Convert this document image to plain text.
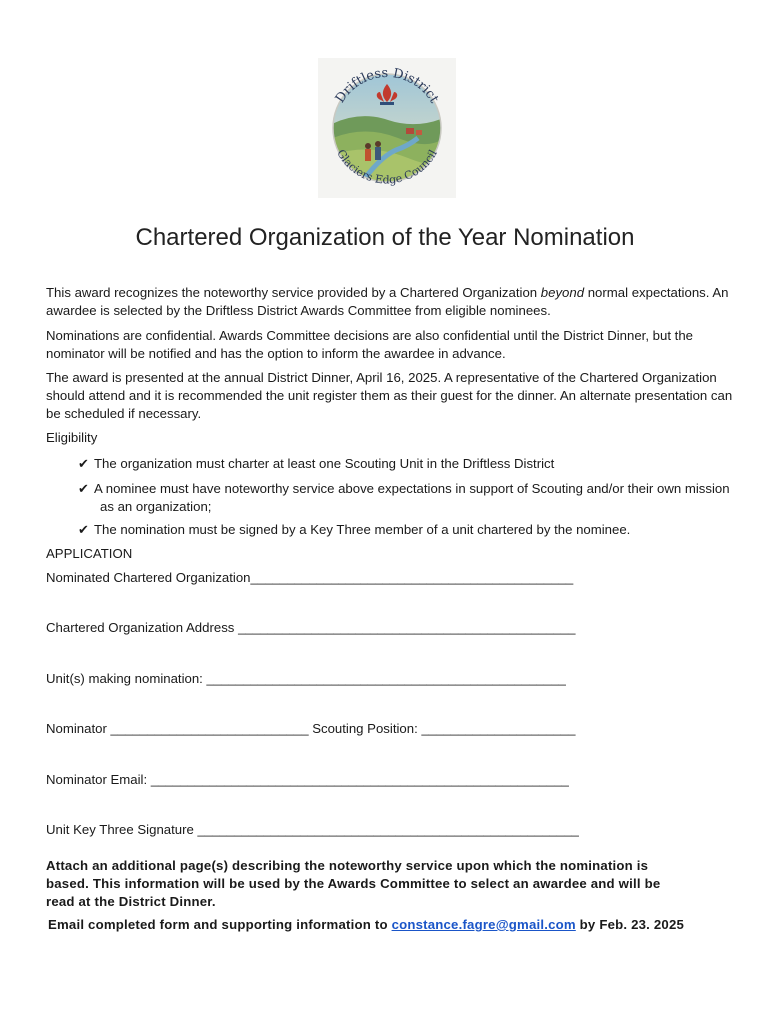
Driftless District
Glaciers Edge Council
Chartered Organization of the Year Nomination
This award recognizes the noteworthy service provided by a Chartered Organization beyond normal expectations. An awardee is selected by the Driftless District Awards Committee from eligible nominees.
Nominations are confidential. Awards Committee decisions are also confidential until the District Dinner, but the nominator will be notified and has the option to inform the awardee in advance.
The award is presented at the annual District Dinner, April 16, 2025. A representative of the Chartered Organization should attend and it is recommended the unit register them as their guest for the dinner. An alternate presentation can be scheduled if necessary.
Eligibility
✔ The organization must charter at least one Scouting Unit in the Driftless District
✔ A nominee must have noteworthy service above expectations in support of Scouting and/or their own mission as an organization;
✔ The nomination must be signed by a Key Three member of a unit chartered by the nominee.
APPLICATION
Nominated Chartered Organization____________________________________________
Chartered Organization Address ______________________________________________
Unit(s) making nomination: _________________________________________________
Nominator ___________________________ Scouting Position: _____________________
Nominator Email: _________________________________________________________
Unit Key Three Signature ____________________________________________________
Attach an additional page(s) describing the noteworthy service upon which the nomination is based. This information will be used by the Awards Committee to select an awardee and will be read at the District Dinner.
Email completed form and supporting information to constance.fagre@gmail.com by Feb. 23. 2025
